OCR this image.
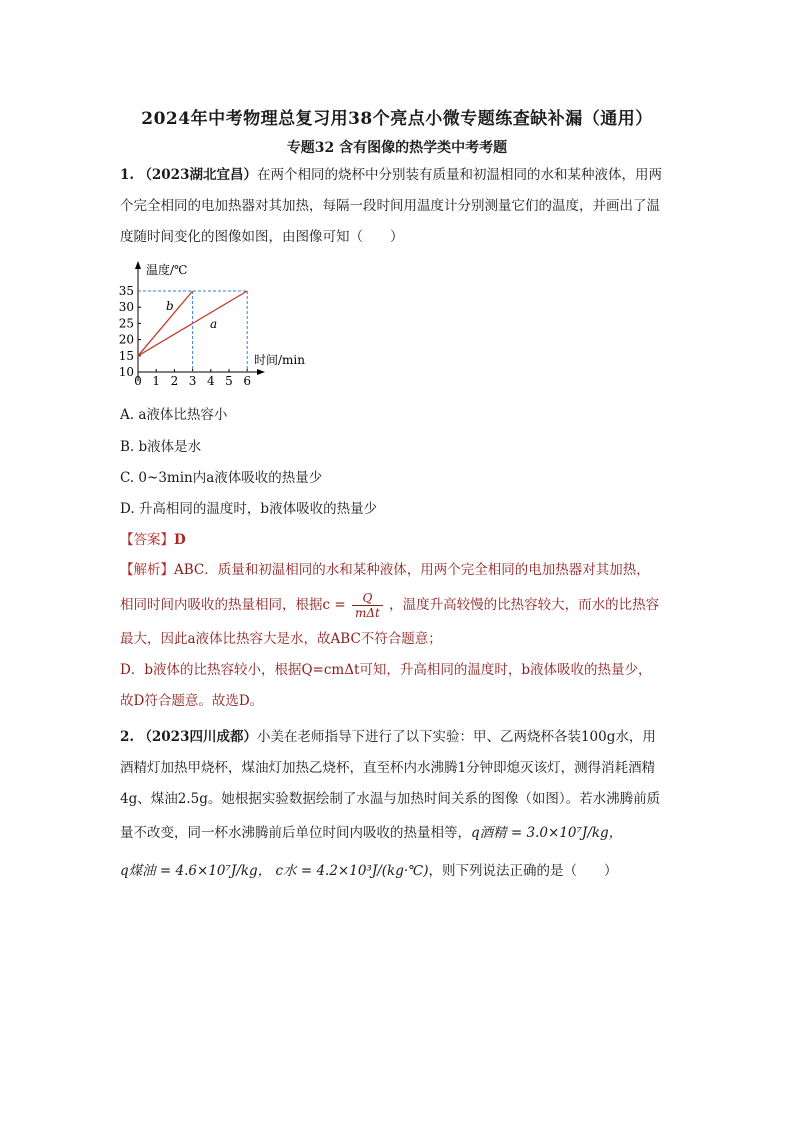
2024年中考物理总复习用38个亮点小微专题练查缺补漏（通用）
专题32 含有图像的热学类中考考题
1. （2023湖北宜昌）在两个相同的烧杯中分别装有质量和初温相同的水和某种液体，用两
个完全相同的电加热器对其加热，每隔一段时间用温度计分别测量它们的温度，并画出了温
度随时间变化的图像如图，由图像可知（　　）
温度/℃
时间/min
a
b
0 1 2 3 4 5 6
10
15
20
25
30
35
A. a液体比热容小
B. b液体是水
C. 0~3min内a液体吸收的热量少
D. 升高相同的温度时，b液体吸收的热量少
【答案】D
【解析】ABC．质量和初温相同的水和某种液体，用两个完全相同的电加热器对其加热，
相同时间内吸收的热量相同，根据$c = \frac{Q}{\text{mΔt}}$ ，温度升高较慢的比热容较大，而水的比热容
最大，因此a液体比热容大是水，故ABC不符合题意；
D．b液体的比热容较小，根据Q=cmΔt可知，升高相同的温度时，b液体吸收的热量少，
故D符合题意。故选D。
2. （2023四川成都）小美在老师指导下进行了以下实验：甲、乙两烧杯各装100g水，用
酒精灯加热甲烧杯，煤油灯加热乙烧杯，直至杯内水沸腾1分钟即熄灭该灯，测得消耗酒精
4g、煤油2.5g。她根据实验数据绘制了水温与加热时间关系的图像（如图）。若水沸腾前质
量不改变，同一杯水沸腾前后单位时间内吸收的热量相等，q酒精 = 3.0×10⁷J/kg，
q煤油 = 4.6×10⁷J/kg， c水 = 4.2×10³J/(kg·℃)，则下列说法正确的是（　　）
